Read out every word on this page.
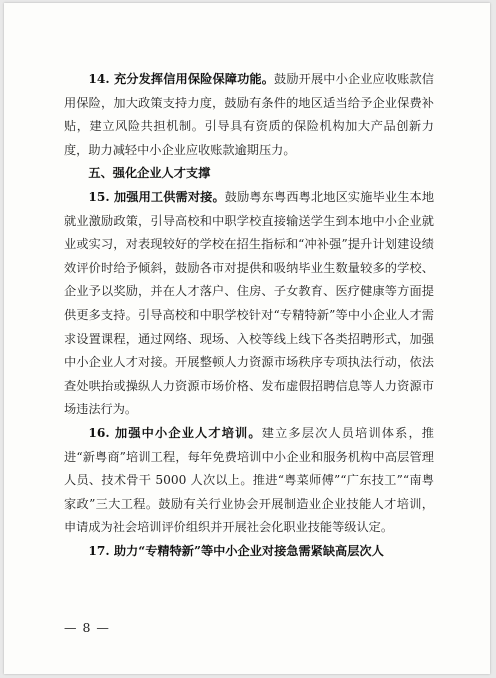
14. 充分发挥信用保险保障功能。鼓励开展中小企业应收账款信用保险，加大政策支持力度，鼓励有条件的地区适当给予企业保费补贴，建立风险共担机制。引导具有资质的保险机构加大产品创新力度，助力减轻中小企业应收账款逾期压力。

五、强化企业人才支撑

15. 加强用工供需对接。鼓励粤东粤西粤北地区实施毕业生本地就业激励政策，引导高校和中职学校直接输送学生到本地中小企业就业或实习，对表现较好的学校在招生指标和“冲补强”提升计划建设绩效评价时给予倾斜，鼓励各市对提供和吸纳毕业生数量较多的学校、企业予以奖励，并在人才落户、住房、子女教育、医疗健康等方面提供更多支持。引导高校和中职学校针对“专精特新”等中小企业人才需求设置课程，通过网络、现场、入校等线上线下各类招聘形式，加强中小企业人才对接。开展整顿人力资源市场秩序专项执法行动，依法查处哄抬或操纵人力资源市场价格、发布虚假招聘信息等人力资源市场违法行为。

16. 加强中小企业人才培训。建立多层次人员培训体系，推进“新粤商”培训工程，每年免费培训中小企业和服务机构中高层管理人员、技术骨干 5000 人次以上。推进“粤菜师傅”“广东技工”“南粤家政”三大工程。鼓励有关行业协会开展制造业企业技能人才培训，申请成为社会培训评价组织并开展社会化职业技能等级认定。

17. 助力“专精特新”等中小企业对接急需紧缺高层次人

— 8 —
